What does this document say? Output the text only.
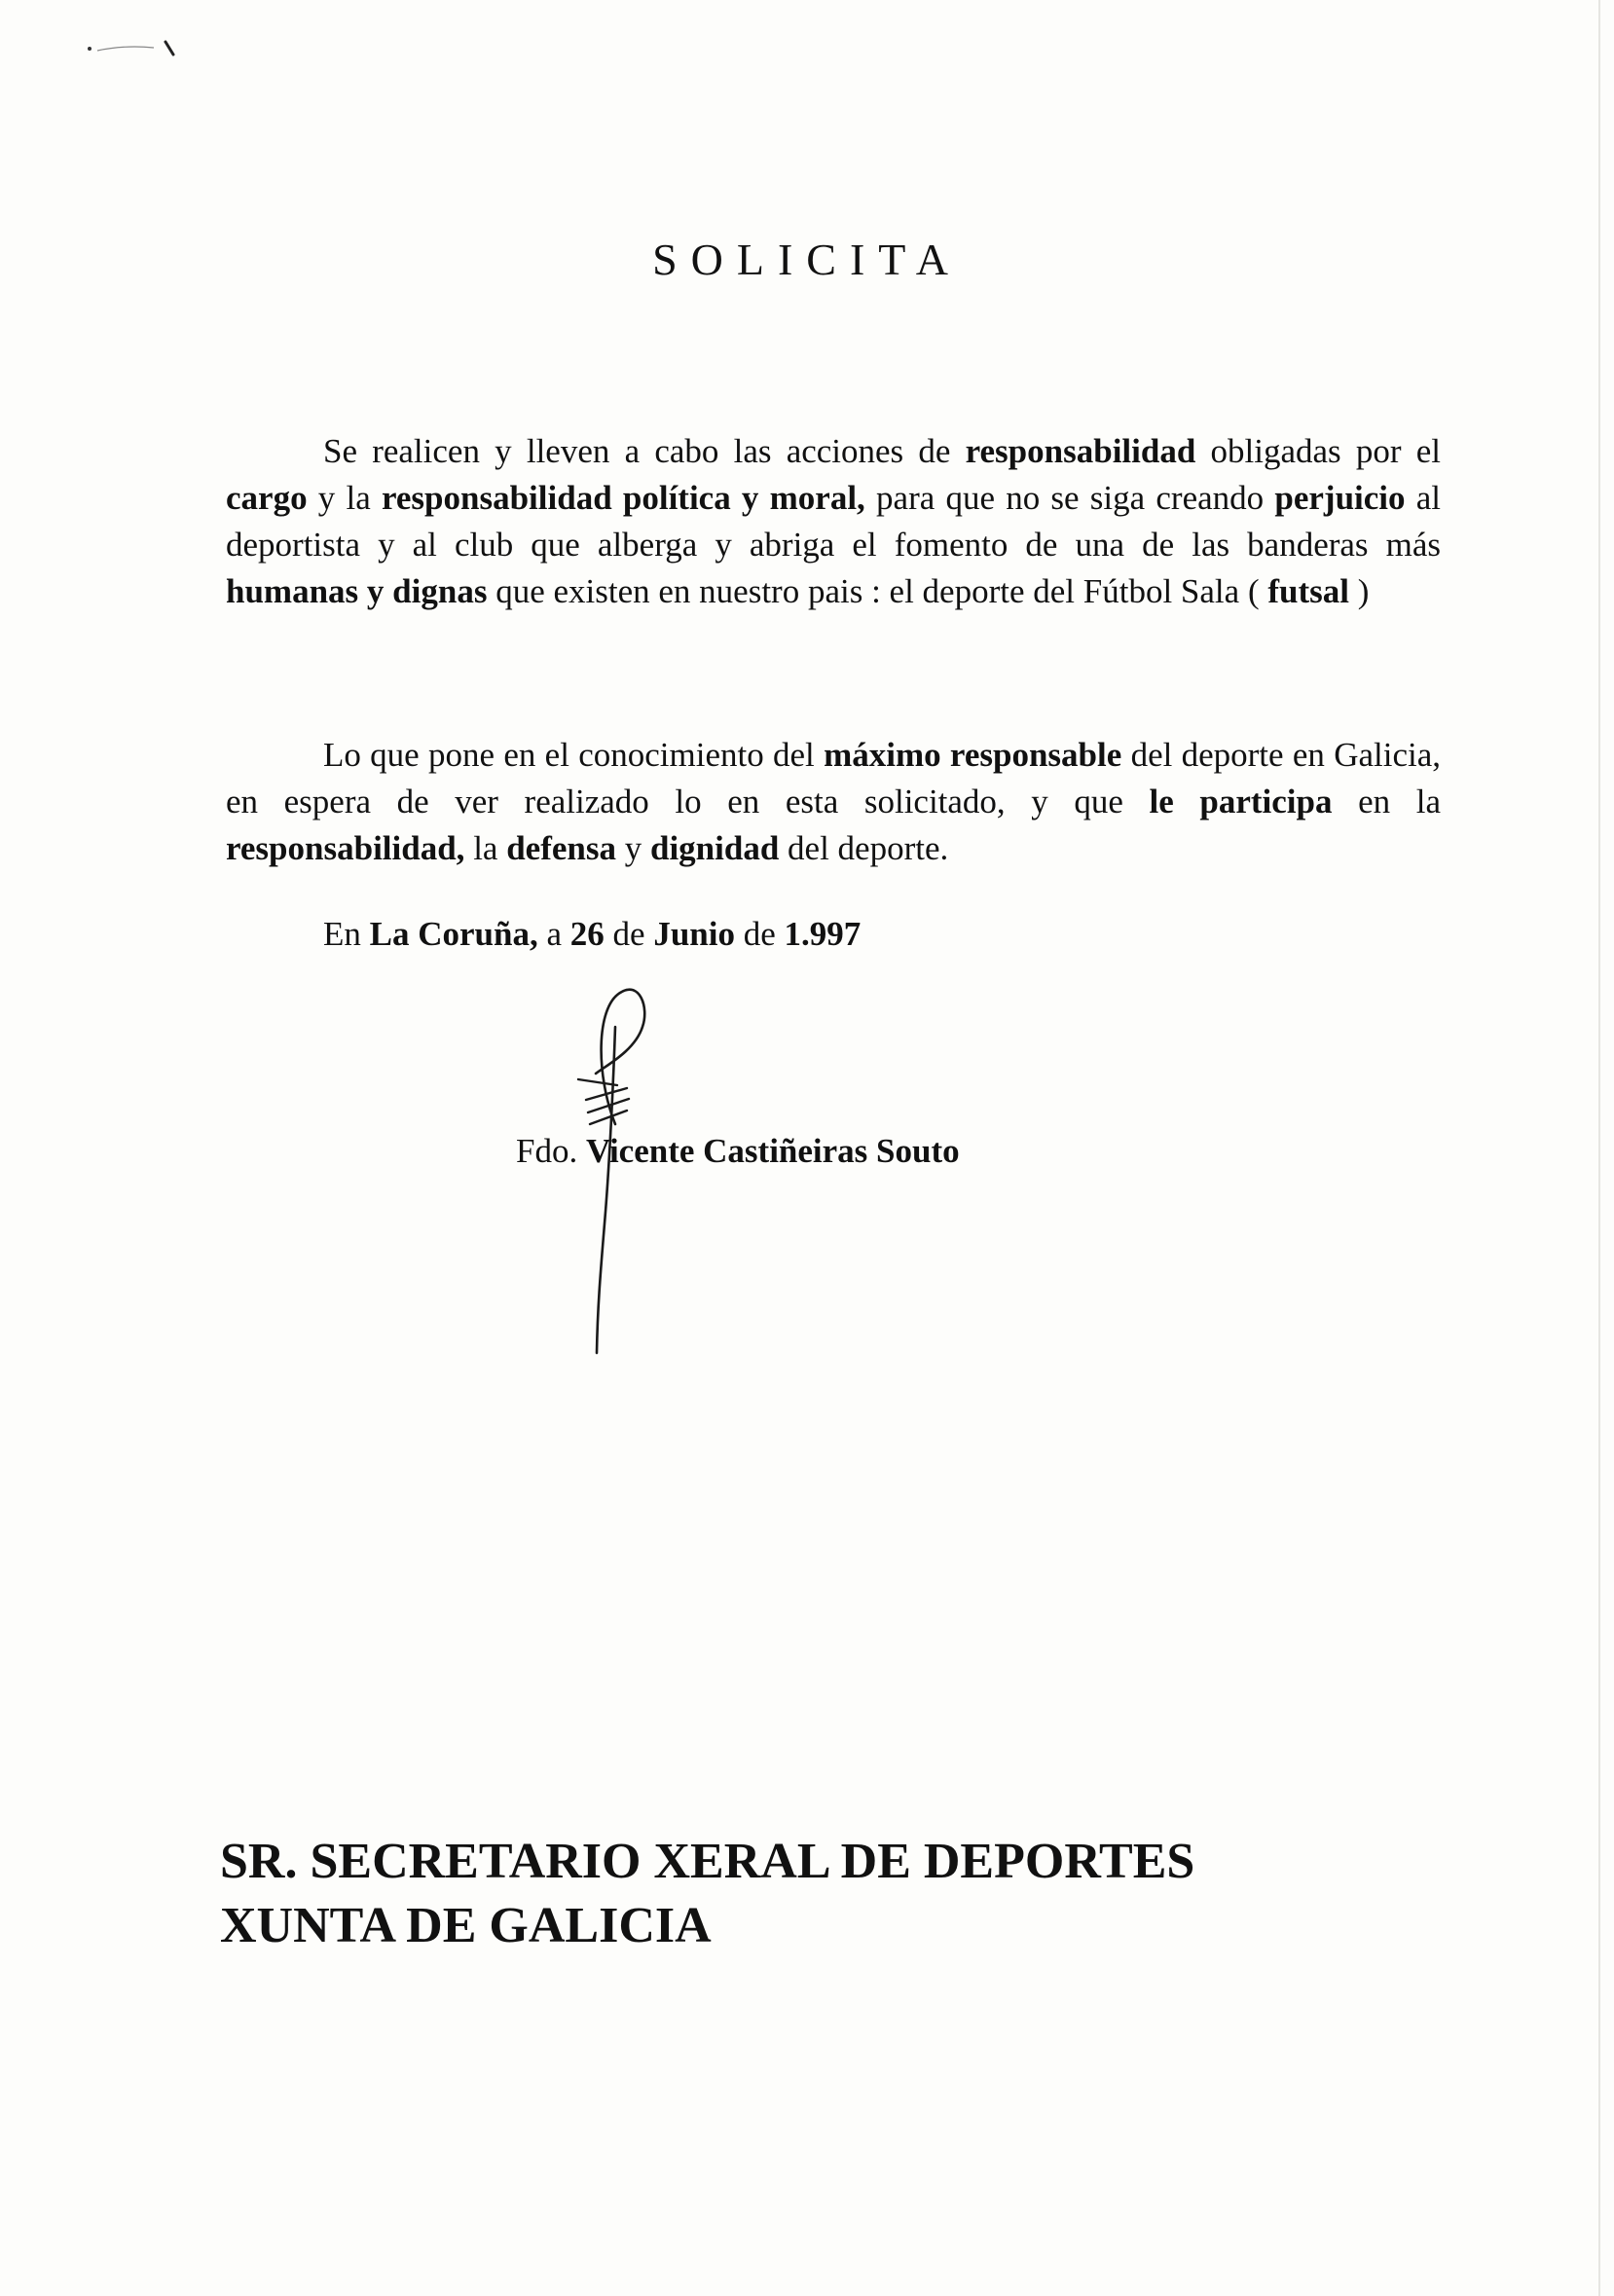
SOLICITA

Se realicen y lleven a cabo las acciones de responsabilidad obligadas por el cargo y la responsabilidad política y moral, para que no se siga creando perjuicio al deportista y al club que alberga y abriga el fomento de una de las banderas más humanas y dignas que existen en nuestro pais : el deporte del Fútbol Sala ( futsal )

Lo que pone en el conocimiento del máximo responsable del deporte en Galicia, en espera de ver realizado lo en esta solicitado, y que le participa en la responsabilidad, la defensa y dignidad del deporte.

En La Coruña, a 26 de Junio de 1.997

Fdo. Vicente Castiñeiras Souto

SR. SECRETARIO XERAL DE DEPORTES
XUNTA DE GALICIA
